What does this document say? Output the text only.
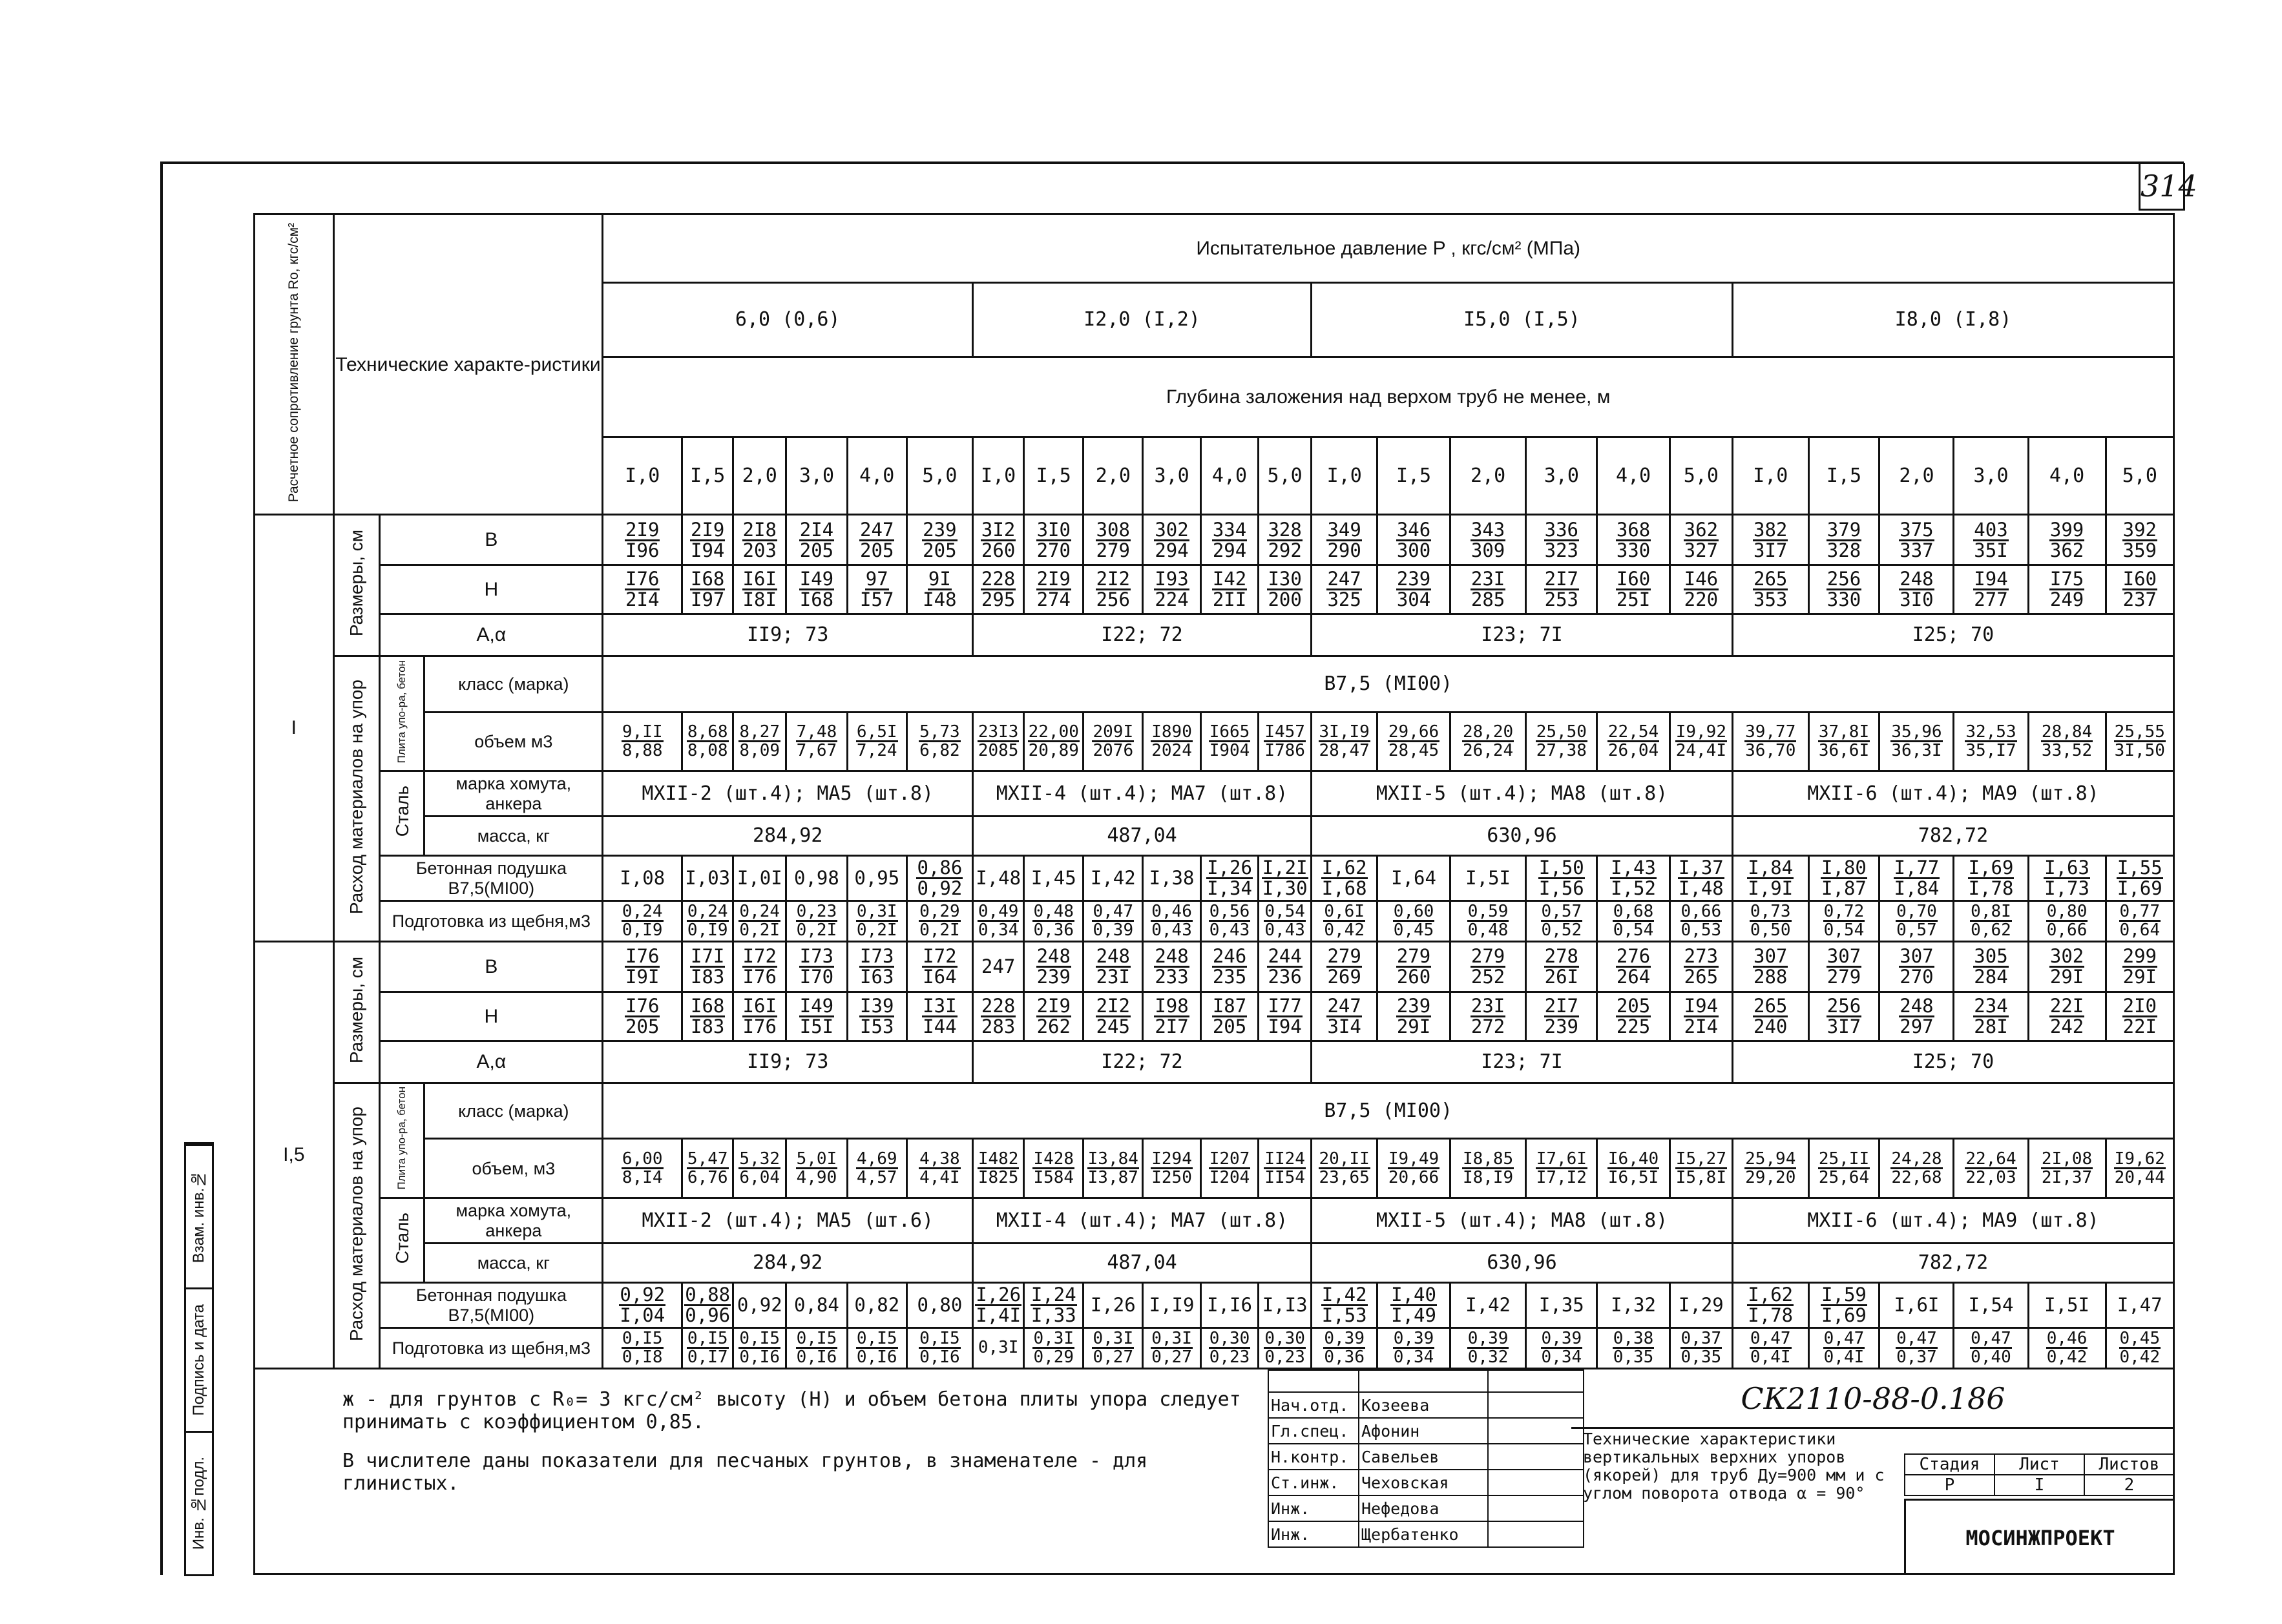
314
Инв. №подл.
Подпись и дата
Взам. инв.№
Расчетное сопротивление грунта Ro, кгс/см²	Технические характе-ристики			Испытательное давление P , кгс/см² (МПа)																							
				6,0 (0,6)						I2,0 (I,2)						I5,0 (I,5)						I8,0 (I,8)					
				Глубина заложения над верхом труб не менее, м																							
				I,0	I,5	2,0	3,0	4,0	5,0	I,0	I,5	2,0	3,0	4,0	5,0	I,0	I,5	2,0	3,0	4,0	5,0	I,0	I,5	2,0	3,0	4,0	5,0
I	Размеры, см	B		$\frac{2I9}{I96}$	$\frac{2I9}{I94}$	$\frac{2I8}{203}$	$\frac{2I4}{205}$	$\frac{247}{205}$	$\frac{239}{205}$	$\frac{3I2}{260}$	$\frac{3I0}{270}$	$\frac{308}{279}$	$\frac{302}{294}$	$\frac{334}{294}$	$\frac{328}{292}$	$\frac{349}{290}$	$\frac{346}{300}$	$\frac{343}{309}$	$\frac{336}{323}$	$\frac{368}{330}$	$\frac{362}{327}$	$\frac{382}{3I7}$	$\frac{379}{328}$	$\frac{375}{337}$	$\frac{403}{35I}$	$\frac{399}{362}$	$\frac{392}{359}$

		H		$\frac{I76}{2I4}$	$\frac{I68}{I97}$	$\frac{I6I}{I8I}$	$\frac{I49}{I68}$	$\frac{97}{I57}$	$\frac{9I}{I48}$	$\frac{228}{295}$	$\frac{2I9}{274}$	$\frac{2I2}{256}$	$\frac{I93}{224}$	$\frac{I42}{2II}$	$\frac{I30}{200}$	$\frac{247}{325}$	$\frac{239}{304}$	$\frac{23I}{285}$	$\frac{2I7}{253}$	$\frac{I60}{25I}$	$\frac{I46}{220}$	$\frac{265}{353}$	$\frac{256}{330}$	$\frac{248}{3I0}$	$\frac{I94}{277}$	$\frac{I75}{249}$	$\frac{I60}{237}$

		А,α		II9; 73						I22; 72						I23; 7I						I25; 70					
	Расход материалов на упор	Плита упо-ра, бетон	класс (марка)	В7,5 (МI00)																							
			объем м3	$\frac{9,II}{8,88}$	$\frac{8,68}{8,08}$	$\frac{8,27}{8,09}$	$\frac{7,48}{7,67}$	$\frac{6,5I}{7,24}$	$\frac{5,73}{6,82}$	$\frac{23I3}{2085}$	$\frac{22,00}{20,89}$	$\frac{209I}{2076}$	$\frac{I890}{2024}$	$\frac{I665}{I904}$	$\frac{I457}{I786}$	$\frac{3I,I9}{28,47}$	$\frac{29,66}{28,45}$	$\frac{28,20}{26,24}$	$\frac{25,50}{27,38}$	$\frac{22,54}{26,04}$	$\frac{I9,92}{24,4I}$	$\frac{39,77}{36,70}$	$\frac{37,8I}{36,6I}$	$\frac{35,96}{36,3I}$	$\frac{32,53}{35,I7}$	$\frac{28,84}{33,52}$	$\frac{25,55}{3I,50}$

		Сталь	марка хомута, анкера	МХII-2 (шт.4); МА5 (шт.8)						МХII-4 (шт.4); МА7 (шт.8)						МХII-5 (шт.4); МА8 (шт.8)						МХII-6 (шт.4); МА9 (шт.8)					
			масса, кг	284,92						487,04						630,96						782,72					
		Бетонная подушка В7,5(МI00)		I,08	I,03	I,0I	0,98	0,95	$\frac{0,86}{0,92}$	I,48	I,45	I,42	I,38	$\frac{I,26}{I,34}$	$\frac{I,2I}{I,30}$	$\frac{I,62}{I,68}$	I,64	I,5I	$\frac{I,50}{I,56}$	$\frac{I,43}{I,52}$	$\frac{I,37}{I,48}$	$\frac{I,84}{I,9I}$	$\frac{I,80}{I,87}$	$\frac{I,77}{I,84}$	$\frac{I,69}{I,78}$	$\frac{I,63}{I,73}$	$\frac{I,55}{I,69}$

		Подготовка из щебня,м3		$\frac{0,24}{0,I9}$	$\frac{0,24}{0,I9}$	$\frac{0,24}{0,2I}$	$\frac{0,23}{0,2I}$	$\frac{0,3I}{0,2I}$	$\frac{0,29}{0,2I}$	$\frac{0,49}{0,34}$	$\frac{0,48}{0,36}$	$\frac{0,47}{0,39}$	$\frac{0,46}{0,43}$	$\frac{0,56}{0,43}$	$\frac{0,54}{0,43}$	$\frac{0,6I}{0,42}$	$\frac{0,60}{0,45}$	$\frac{0,59}{0,48}$	$\frac{0,57}{0,52}$	$\frac{0,68}{0,54}$	$\frac{0,66}{0,53}$	$\frac{0,73}{0,50}$	$\frac{0,72}{0,54}$	$\frac{0,70}{0,57}$	$\frac{0,8I}{0,62}$	$\frac{0,80}{0,66}$	$\frac{0,77}{0,64}$

I,5	Размеры, см	B		$\frac{I76}{I9I}$	$\frac{I7I}{I83}$	$\frac{I72}{I76}$	$\frac{I73}{I70}$	$\frac{I73}{I63}$	$\frac{I72}{I64}$	247	$\frac{248}{239}$	$\frac{248}{23I}$	$\frac{248}{233}$	$\frac{246}{235}$	$\frac{244}{236}$	$\frac{279}{269}$	$\frac{279}{260}$	$\frac{279}{252}$	$\frac{278}{26I}$	$\frac{276}{264}$	$\frac{273}{265}$	$\frac{307}{288}$	$\frac{307}{279}$	$\frac{307}{270}$	$\frac{305}{284}$	$\frac{302}{29I}$	$\frac{299}{29I}$

		H		$\frac{I76}{205}$	$\frac{I68}{I83}$	$\frac{I6I}{I76}$	$\frac{I49}{I5I}$	$\frac{I39}{I53}$	$\frac{I3I}{I44}$	$\frac{228}{283}$	$\frac{2I9}{262}$	$\frac{2I2}{245}$	$\frac{I98}{2I7}$	$\frac{I87}{205}$	$\frac{I77}{I94}$	$\frac{247}{3I4}$	$\frac{239}{29I}$	$\frac{23I}{272}$	$\frac{2I7}{239}$	$\frac{205}{225}$	$\frac{I94}{2I4}$	$\frac{265}{240}$	$\frac{256}{3I7}$	$\frac{248}{297}$	$\frac{234}{28I}$	$\frac{22I}{242}$	$\frac{2I0}{22I}$

		А,α		II9; 73						I22; 72						I23; 7I						I25; 70					
	Расход материалов на упор	Плита упо-ра, бетон	класс (марка)	В7,5 (МI00)																							
			объем, м3	$\frac{6,00}{8,I4}$	$\frac{5,47}{6,76}$	$\frac{5,32}{6,04}$	$\frac{5,0I}{4,90}$	$\frac{4,69}{4,57}$	$\frac{4,38}{4,4I}$	$\frac{I482}{I825}$	$\frac{I428}{I584}$	$\frac{I3,84}{I3,87}$	$\frac{I294}{I250}$	$\frac{I207}{I204}$	$\frac{II24}{II54}$	$\frac{20,II}{23,65}$	$\frac{I9,49}{20,66}$	$\frac{I8,85}{I8,I9}$	$\frac{I7,6I}{I7,I2}$	$\frac{I6,40}{I6,5I}$	$\frac{I5,27}{I5,8I}$	$\frac{25,94}{29,20}$	$\frac{25,II}{25,64}$	$\frac{24,28}{22,68}$	$\frac{22,64}{22,03}$	$\frac{2I,08}{2I,37}$	$\frac{I9,62}{20,44}$

		Сталь	марка хомута, анкера	МХII-2 (шт.4); МА5 (шт.6)						МХII-4 (шт.4); МА7 (шт.8)						МХII-5 (шт.4); МА8 (шт.8)						МХII-6 (шт.4); МА9 (шт.8)					
			масса, кг	284,92						487,04						630,96						782,72					
		Бетонная подушка В7,5(МI00)		$\frac{0,92}{I,04}$	$\frac{0,88}{0,96}$	0,92	0,84	0,82	0,80	$\frac{I,26}{I,4I}$	$\frac{I,24}{I,33}$	I,26	I,I9	I,I6	I,I3	$\frac{I,42}{I,53}$	$\frac{I,40}{I,49}$	I,42	I,35	I,32	I,29	$\frac{I,62}{I,78}$	$\frac{I,59}{I,69}$	I,6I	I,54	I,5I	I,47
		Подготовка из щебня,м3		$\frac{0,I5}{0,I8}$	$\frac{0,I5}{0,I7}$	$\frac{0,I5}{0,I6}$	$\frac{0,I5}{0,I6}$	$\frac{0,I5}{0,I6}$	$\frac{0,I5}{0,I6}$	0,3I	$\frac{0,3I}{0,29}$	$\frac{0,3I}{0,27}$	$\frac{0,3I}{0,27}$	$\frac{0,30}{0,23}$	$\frac{0,30}{0,23}$	$\frac{0,39}{0,36}$	$\frac{0,39}{0,34}$	$\frac{0,39}{0,32}$	$\frac{0,39}{0,34}$	$\frac{0,38}{0,35}$	$\frac{0,37}{0,35}$	$\frac{0,47}{0,4I}$	$\frac{0,47}{0,4I}$	$\frac{0,47}{0,37}$	$\frac{0,47}{0,40}$	$\frac{0,46}{0,42}$	$\frac{0,45}{0,42}$

ж - для грунтов с R₀= 3 кгс/см² высоту (Н) и объем бетона плиты упора следует принимать с коэффициентом 0,85.

В числителе даны показатели для песчаных грунтов, в знаменателе - для глинистых.

Нач.отд.	Козеева	
Гл.спец.	Афонин	
Н.контр.	Савельев	
Ст.инж.	Чеховская	
Инж.	Нефедова	
Инж.	Щербатенко	
СК2110-88-0.186
Технические характеристики вертикальных верхних упоров (якорей) для труб Ду=900 мм и с углом поворота отвода α = 90°
Стадия	Лист	Листов
Р	I	2
МОСИНЖПРОЕКТ
